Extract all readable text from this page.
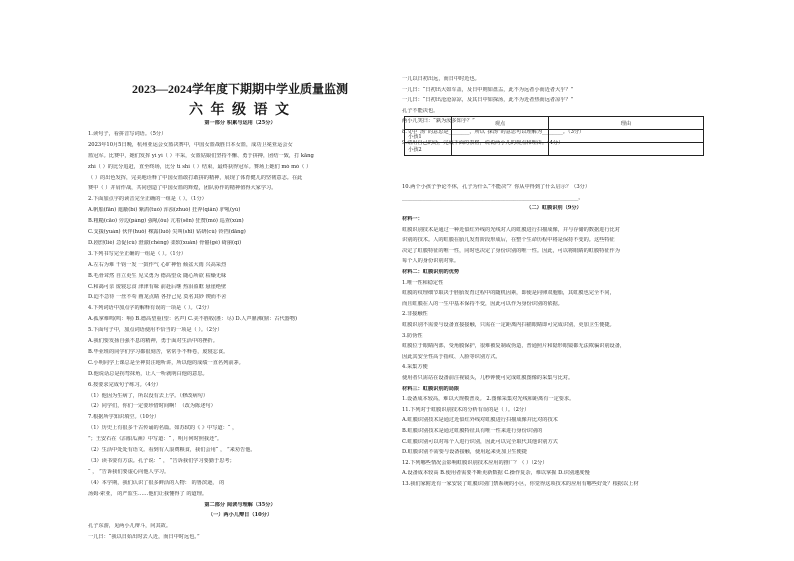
2023—2024学年度下期期中学业质量监测
六 年 级 语 文
第一部分 积累与运用（25分）
1.读句子，看拼音写词语。（5分）
2023年10月5日晚，杭州亚运会女篮决赛中，中国女篮战胜日本女篮，成功卫冕亚运会女
篮冠军。比赛中，她们发挥 yì yì（ ）丰采，女篮姑娘们坚持不懈、勇于拼搏，团结一致，打 kāng
zhì（ ）的比分追赶，直至终场，比分 tí shì（ ）结束，最终获得冠军。赛场上她们 mò mò（ ）
（ ）的出色发挥，完美地诠释了中国女篮敢打敢拼的精神，展现了体育健儿的坚韧意志。在此
赛中（ ）并肩作战，共同创造了中国女篮的辉煌，团队协作的精神值得大家学习。
2.下面加点字的读音完全正确的一组是（ ）。（1分）
A.帆船(fān) 遮蔽(bì) 紫鸽(tuó) 浑浊(zhuó) 狂奔(qiǎn) 驴吼(yú)
B.粗糙(cāo) 旁边(páng) 强吼(ǒu) 亢着(sēn) 狂赞(mò) 巡查(xún)
C.支援(yuán) 伙伴(huǒ) 裸露(luǒ) 尖叫(shī) 钻研(cú) 铃铛(dāng)
D.剧烈(liè) 急促(cù) 澄澈(chéng) 柔软(xuǎn) 骨骼(gé) 绮丽(qǐ)
3.下列书写完全正确的一组是（ ）。（1分）
A.左右为难 千钧一发 一鼓作气 心旷神怡 倾盆大雨 兴高采烈
B.毛骨耸然 自立更生 见义勇为 德高望众 随心所欲 枯燥无味
C.和蔼可亲 废寝忘食 津津有味 前赴后继 热泪盈眶 悬崖绝壁
D.迫不急待 一丝不苟 画龙点睛 各抒己见 莫名其妙 锲而不舍
4.下列词语中加点字的解释有误的一项是（ ）。（2分）
A.孤掌难鸣(鸣：响) B.德高望重(望：名声) C.美不胜收(胜：尽) D.人声鼎沸(鼎：古代器物)
5.下面句子中，加点词语使用不恰当的一项是（ ）。（2分）
A.我们要发扬自强不息的精神，勇于面对生活中的挫折。
B.毕业班的同学们学习都很刻苦，常常手不释卷，废寝忘食。
C.小明同学上课总是全神贯注地听讲，所以他的成绩一直名列前茅。
D.他说话总是拐弯抹角，让人一听就明白他的意思。
6.按要求完成句子练习。（4分）
（1）他因为生病了，所以没有去上学。（修改病句）
（2）同学们，你们一定要珍惜时间啊！（改为陈述句）
7.根据所学知识填空。（10分）
（1）历史上有很多千古传诵的名篇。如苏轼的《 》中写道：“ ，
”；王安石在《泊船瓜洲》中写道：“ ，明月何时照我还”。
（2）生活中处处有语文。看到有人浪费粮食，我们会用“ ， ”来劝告他。
（3）读书要有方法。孔子说：“ ， ”告诉我们学习要勤于思考；
“ ， ”告诉我们要虚心向他人学习。
（4）本学期，我们认识了很多鲜活的人物： 的鲁滨逊， 的
汤姆·索亚， 的严监生……他们让我懂得了 的道理。
第二部分 阅读与理解（35分）
（一）两小儿辩日（10分）
孔子东游，见两小儿辩斗，问其故。
一儿曰：“我以日始出时去人近，而日中时远也。”
一儿以日初出远，而日中时近也。
一儿曰：“日初出大如车盖，及日中则如盘盂，此不为远者小而近者大乎？”
一儿曰：“日初出沧沧凉凉，及其日中如探汤，此不为近者热而远者凉乎？”
孔子不能决也。
两小儿笑曰：“孰为汝多知乎？”
8.文中“汤”的意思是________，所以“探汤”的意思可以理解为________。（3分）
9.请用自己的话，完成下面的表格，说说两小儿的观点和理由。（4分）
10.两个小孩子争论不休，孔子为什么“不能决”？你从中得到了什么启示？（3分）
____________________________________________________________________。
（二）虹膜识别（9分）
材料一：
虹膜识别技术是通过一种近似红外线的光线对人的虹膜进行扫描成像，并与存储的数据进行比对
识别的技术。人的虹膜在胎儿发育阶段形成后，在整个生命历程中将是保持不变的。这些特征
决定了虹膜特征的唯一性，同时也决定了身份识别的唯一性。因此，可以将眼睛的虹膜特征作为
每个人的身份识别对象。
材料二：虹膜识别的优势
1.唯一性和稳定性
虹膜的纹理细节取决于胚胎发育过程中的随机因素，即使是同卵双胞胎，其虹膜也完全不同，
而且虹膜在人的一生中基本保持不变，因此可以作为身份识别的依据。
2.非接触性
虹膜识别不需要与设备直接接触，只需在一定距离内扫描眼睛即可完成识别，更加卫生便捷。
3.防伪性
虹膜位于眼睛内部，受角膜保护，很难被复制或伪造，普通照片和隐形眼镜都无法欺骗识别设备，
因此其安全性高于指纹、人脸等识别方式。
4.采集方便
使用者只需站在设备前注视镜头，几秒钟便可完成虹膜图像的采集与比对。
材料三：虹膜识别的局限
1.设备成本较高，难以大规模普及。 2.图像采集对光线和距离有一定要求。
11.下列对于虹膜识别技术的分析有误的是（ ）。（2分）
A.虹膜识别技术是通过近似红外线对虹膜进行扫描成像并比对的技术
B.虹膜识别技术是通过虹膜特征具有唯一性来进行身份识别的
C.虹膜识别可以对每个人进行识别，因此可以完全取代其他识别方式
D.虹膜识别不需要与设备接触，使用起来更加卫生便捷
12.下列哪些情况会影响虹膜识别技术应用的推广？（ ）（2分）
A.设备成本较高 B.使用者需要不断更新数据 C.操作复杂，难以掌握 D.识别速度慢
13.我们家附近有一家安装了虹膜识别门禁系统的小区，你觉得这项技术的应用有哪些好处？根据以上材
	观点	理由
小孩1		
小孩2		
